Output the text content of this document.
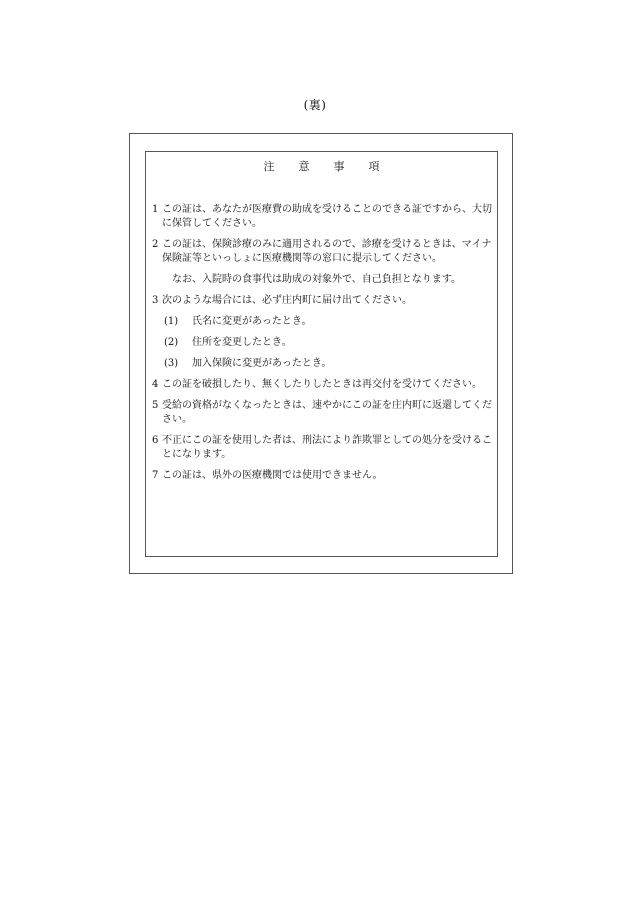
(裏)
注 意 事 項
1 この証は、あなたが医療費の助成を受けることのできる証ですから、大切に保管してください。
2 この証は、保険診療のみに適用されるので、診療を受けるときは、マイナ保険証等といっしょに医療機関等の窓口に提示してください。
なお、入院時の食事代は助成の対象外で、自己負担となります。
3 次のような場合には、必ず庄内町に届け出てください。
(1) 氏名に変更があったとき。
(2) 住所を変更したとき。
(3) 加入保険に変更があったとき。
4 この証を破損したり、無くしたりしたときは再交付を受けてください。
5 受給の資格がなくなったときは、速やかにこの証を庄内町に返還してください。
6 不正にこの証を使用した者は、刑法により詐欺罪としての処分を受けることになります。
7 この証は、県外の医療機関では使用できません。
